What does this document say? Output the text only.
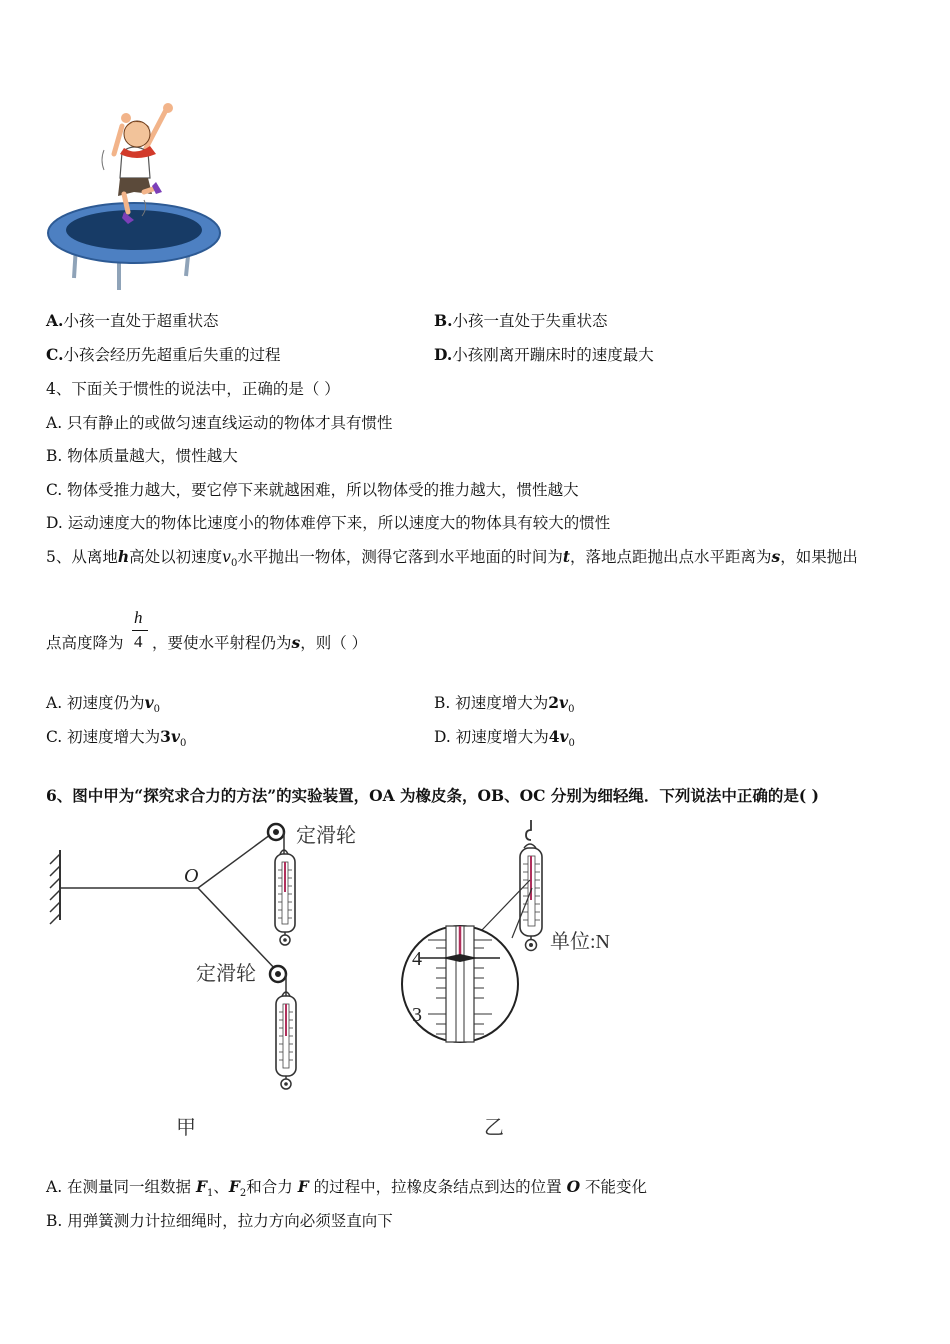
A.小孩一直处于超重状态	B.小孩一直处于失重状态
C.小孩会经历先超重后失重的过程	D.小孩刚离开蹦床时的速度最大
4、下面关于惯性的说法中，正确的是（ ）
A. 只有静止的或做匀速直线运动的物体才具有惯性
B. 物体质量越大，惯性越大
C. 物体受推力越大，要它停下来就越困难，所以物体受的推力越大，惯性越大
D. 运动速度大的物体比速度小的物体难停下来，所以速度大的物体具有较大的惯性
5、从离地h高处以初速度$v_0$水平抛出一物体，测得它落到水平地面的时间为t，落地点距抛出点水平距离为s，如果抛出
h
4
点高度降为 ，要使水平射程仍为s，则（ ）
A. 初速度仍为$v_0$	B. 初速度增大为$2v_0$
C. 初速度增大为$3v_0$	D. 初速度增大为$4v_0$
6、图中甲为“探究求合力的方法”的实验装置，OA 为橡皮条，OB、OC 分别为细轻绳．下列说法中正确的是( )
O
定滑轮
定滑轮
甲
单位:N
4
3
乙
A. 在测量同一组数据 $F_1$、$F_2$和合力 F 的过程中，拉橡皮条结点到达的位置 O 不能变化
B. 用弹簧测力计拉细绳时，拉力方向必须竖直向下
